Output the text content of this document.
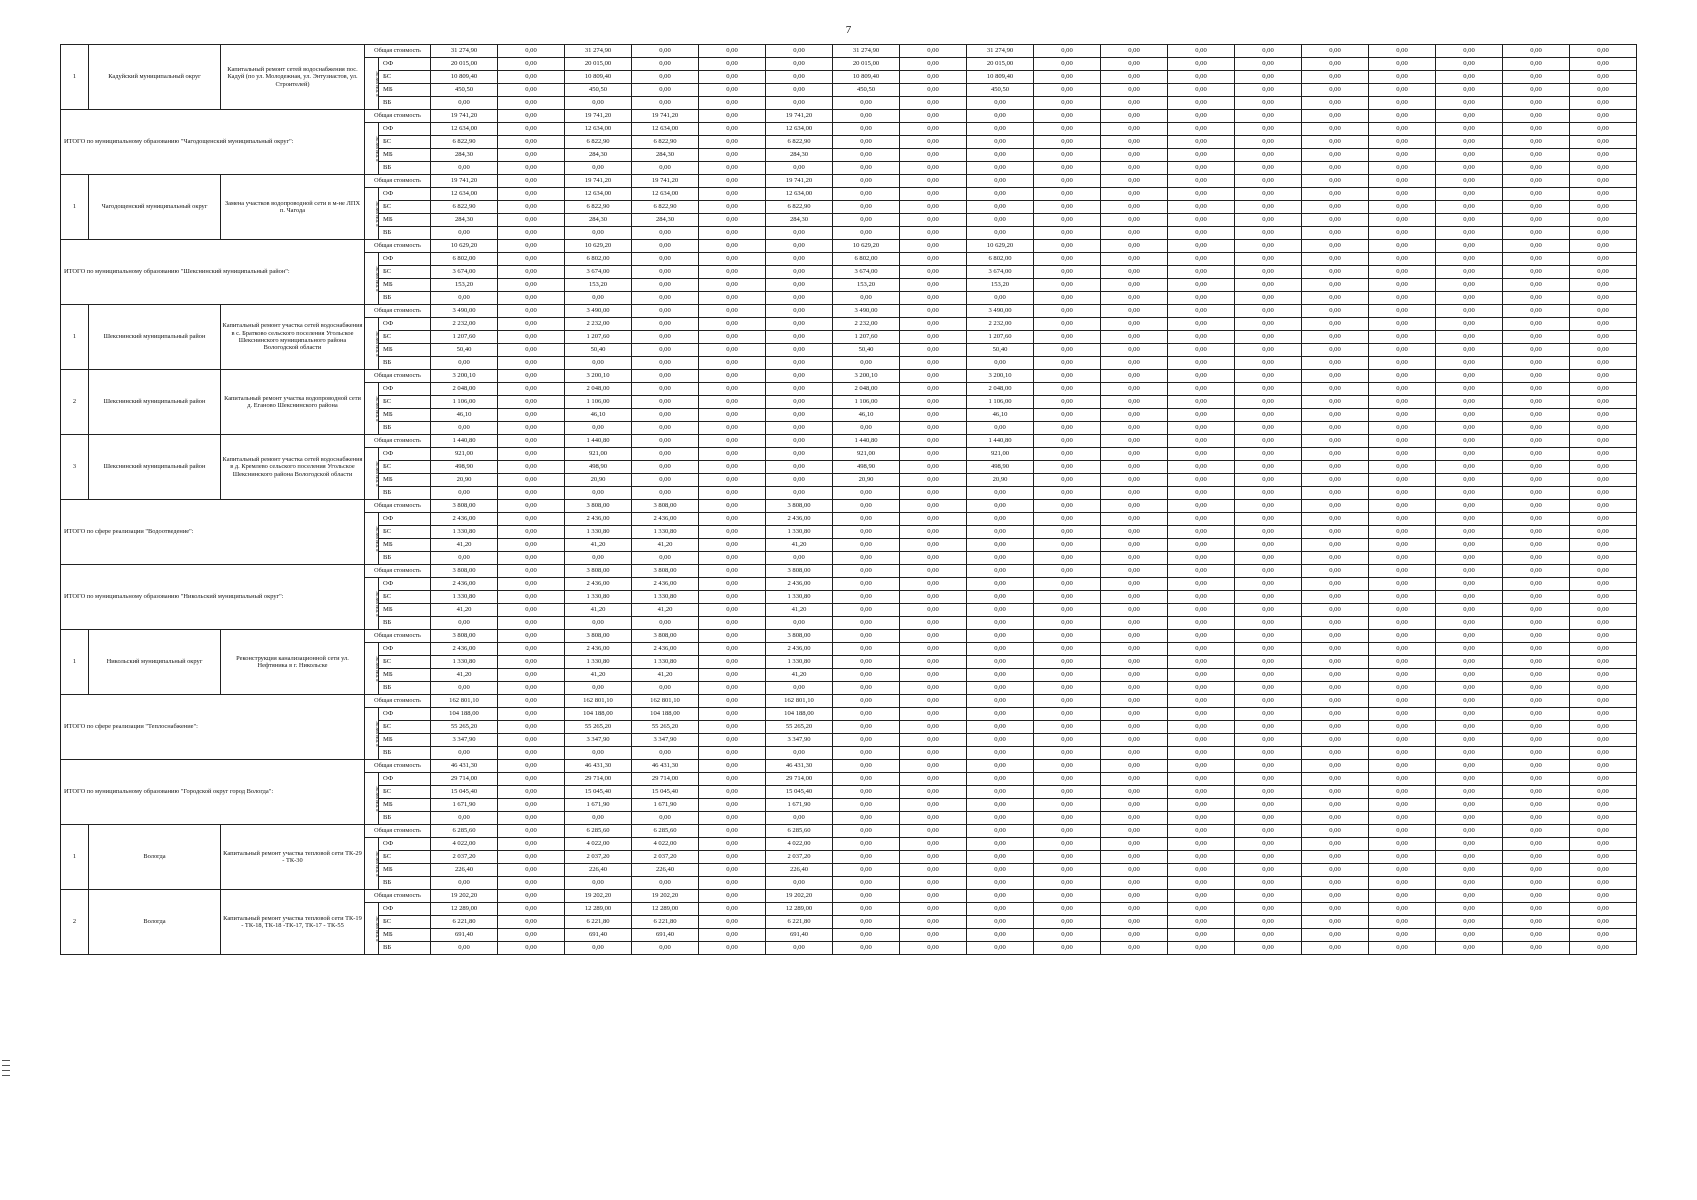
7
1	Кадуйский муниципальный округ	Капитальный ремонт сетей водоснабжения пос. Кадуй (по ул. Молодежная, ул. Энтузиастов, ул. Строителей)	Общая стоимость		31 274,90	0,00	31 274,90	0,00	0,00	0,00	31 274,90	0,00	31 274,90	0,00	0,00	0,00	0,00	0,00	0,00	0,00	0,00	0,00
			в том числе:	ОФ	20 015,00	0,00	20 015,00	0,00	0,00	0,00	20 015,00	0,00	20 015,00	0,00	0,00	0,00	0,00	0,00	0,00	0,00	0,00	0,00
				БС	10 809,40	0,00	10 809,40	0,00	0,00	0,00	10 809,40	0,00	10 809,40	0,00	0,00	0,00	0,00	0,00	0,00	0,00	0,00	0,00
				МБ	450,50	0,00	450,50	0,00	0,00	0,00	450,50	0,00	450,50	0,00	0,00	0,00	0,00	0,00	0,00	0,00	0,00	0,00
				ВБ	0,00	0,00	0,00	0,00	0,00	0,00	0,00	0,00	0,00	0,00	0,00	0,00	0,00	0,00	0,00	0,00	0,00	0,00
ИТОГО по муниципальному образованию "Чагодощенский муниципальный округ":			Общая стоимость		19 741,20	0,00	19 741,20	19 741,20	0,00	19 741,20	0,00	0,00	0,00	0,00	0,00	0,00	0,00	0,00	0,00	0,00	0,00	0,00
			в том числе:	ОФ	12 634,00	0,00	12 634,00	12 634,00	0,00	12 634,00	0,00	0,00	0,00	0,00	0,00	0,00	0,00	0,00	0,00	0,00	0,00	0,00
				БС	6 822,90	0,00	6 822,90	6 822,90	0,00	6 822,90	0,00	0,00	0,00	0,00	0,00	0,00	0,00	0,00	0,00	0,00	0,00	0,00
				МБ	284,30	0,00	284,30	284,30	0,00	284,30	0,00	0,00	0,00	0,00	0,00	0,00	0,00	0,00	0,00	0,00	0,00	0,00
				ВБ	0,00	0,00	0,00	0,00	0,00	0,00	0,00	0,00	0,00	0,00	0,00	0,00	0,00	0,00	0,00	0,00	0,00	0,00
1	Чагодощенский муниципальный округ	Замена участков водопроводной сети в м-не ЛПХ п. Чагода	Общая стоимость		19 741,20	0,00	19 741,20	19 741,20	0,00	19 741,20	0,00	0,00	0,00	0,00	0,00	0,00	0,00	0,00	0,00	0,00	0,00	0,00
			в том числе:	ОФ	12 634,00	0,00	12 634,00	12 634,00	0,00	12 634,00	0,00	0,00	0,00	0,00	0,00	0,00	0,00	0,00	0,00	0,00	0,00	0,00
				БС	6 822,90	0,00	6 822,90	6 822,90	0,00	6 822,90	0,00	0,00	0,00	0,00	0,00	0,00	0,00	0,00	0,00	0,00	0,00	0,00
				МБ	284,30	0,00	284,30	284,30	0,00	284,30	0,00	0,00	0,00	0,00	0,00	0,00	0,00	0,00	0,00	0,00	0,00	0,00
				ВБ	0,00	0,00	0,00	0,00	0,00	0,00	0,00	0,00	0,00	0,00	0,00	0,00	0,00	0,00	0,00	0,00	0,00	0,00
ИТОГО по муниципальному образованию "Шекснинский муниципальный район":			Общая стоимость		10 629,20	0,00	10 629,20	0,00	0,00	0,00	10 629,20	0,00	10 629,20	0,00	0,00	0,00	0,00	0,00	0,00	0,00	0,00	0,00
			в том числе:	ОФ	6 802,00	0,00	6 802,00	0,00	0,00	0,00	6 802,00	0,00	6 802,00	0,00	0,00	0,00	0,00	0,00	0,00	0,00	0,00	0,00
				БС	3 674,00	0,00	3 674,00	0,00	0,00	0,00	3 674,00	0,00	3 674,00	0,00	0,00	0,00	0,00	0,00	0,00	0,00	0,00	0,00
				МБ	153,20	0,00	153,20	0,00	0,00	0,00	153,20	0,00	153,20	0,00	0,00	0,00	0,00	0,00	0,00	0,00	0,00	0,00
				ВБ	0,00	0,00	0,00	0,00	0,00	0,00	0,00	0,00	0,00	0,00	0,00	0,00	0,00	0,00	0,00	0,00	0,00	0,00
1	Шекснинский муниципальный район	Капитальный ремонт участка сетей водоснабжения в с. Братково сельского поселения Угольское Шекснинского муниципального района Вологодской области	Общая стоимость		3 490,00	0,00	3 490,00	0,00	0,00	0,00	3 490,00	0,00	3 490,00	0,00	0,00	0,00	0,00	0,00	0,00	0,00	0,00	0,00
			в том числе:	ОФ	2 232,00	0,00	2 232,00	0,00	0,00	0,00	2 232,00	0,00	2 232,00	0,00	0,00	0,00	0,00	0,00	0,00	0,00	0,00	0,00
				БС	1 207,60	0,00	1 207,60	0,00	0,00	0,00	1 207,60	0,00	1 207,60	0,00	0,00	0,00	0,00	0,00	0,00	0,00	0,00	0,00
				МБ	50,40	0,00	50,40	0,00	0,00	0,00	50,40	0,00	50,40	0,00	0,00	0,00	0,00	0,00	0,00	0,00	0,00	0,00
				ВБ	0,00	0,00	0,00	0,00	0,00	0,00	0,00	0,00	0,00	0,00	0,00	0,00	0,00	0,00	0,00	0,00	0,00	0,00
2	Шекснинский муниципальный район	Капитальный ремонт участка водопроводной сети д. Еганово Шекснинского района	Общая стоимость		3 200,10	0,00	3 200,10	0,00	0,00	0,00	3 200,10	0,00	3 200,10	0,00	0,00	0,00	0,00	0,00	0,00	0,00	0,00	0,00
			в том числе:	ОФ	2 048,00	0,00	2 048,00	0,00	0,00	0,00	2 048,00	0,00	2 048,00	0,00	0,00	0,00	0,00	0,00	0,00	0,00	0,00	0,00
				БС	1 106,00	0,00	1 106,00	0,00	0,00	0,00	1 106,00	0,00	1 106,00	0,00	0,00	0,00	0,00	0,00	0,00	0,00	0,00	0,00
				МБ	46,10	0,00	46,10	0,00	0,00	0,00	46,10	0,00	46,10	0,00	0,00	0,00	0,00	0,00	0,00	0,00	0,00	0,00
				ВБ	0,00	0,00	0,00	0,00	0,00	0,00	0,00	0,00	0,00	0,00	0,00	0,00	0,00	0,00	0,00	0,00	0,00	0,00
3	Шекснинский муниципальный район	Капитальный ремонт участка сетей водоснабжения в д. Кремлево сельского поселения Угольское Шекснинского района Вологодской области	Общая стоимость		1 440,80	0,00	1 440,80	0,00	0,00	0,00	1 440,80	0,00	1 440,80	0,00	0,00	0,00	0,00	0,00	0,00	0,00	0,00	0,00
			в том числе:	ОФ	921,00	0,00	921,00	0,00	0,00	0,00	921,00	0,00	921,00	0,00	0,00	0,00	0,00	0,00	0,00	0,00	0,00	0,00
				БС	498,90	0,00	498,90	0,00	0,00	0,00	498,90	0,00	498,90	0,00	0,00	0,00	0,00	0,00	0,00	0,00	0,00	0,00
				МБ	20,90	0,00	20,90	0,00	0,00	0,00	20,90	0,00	20,90	0,00	0,00	0,00	0,00	0,00	0,00	0,00	0,00	0,00
				ВБ	0,00	0,00	0,00	0,00	0,00	0,00	0,00	0,00	0,00	0,00	0,00	0,00	0,00	0,00	0,00	0,00	0,00	0,00
ИТОГО по сфере реализации "Водоотведение":			Общая стоимость		3 808,00	0,00	3 808,00	3 808,00	0,00	3 808,00	0,00	0,00	0,00	0,00	0,00	0,00	0,00	0,00	0,00	0,00	0,00	0,00
			в том числе:	ОФ	2 436,00	0,00	2 436,00	2 436,00	0,00	2 436,00	0,00	0,00	0,00	0,00	0,00	0,00	0,00	0,00	0,00	0,00	0,00	0,00
				БС	1 330,80	0,00	1 330,80	1 330,80	0,00	1 330,80	0,00	0,00	0,00	0,00	0,00	0,00	0,00	0,00	0,00	0,00	0,00	0,00
				МБ	41,20	0,00	41,20	41,20	0,00	41,20	0,00	0,00	0,00	0,00	0,00	0,00	0,00	0,00	0,00	0,00	0,00	0,00
				ВБ	0,00	0,00	0,00	0,00	0,00	0,00	0,00	0,00	0,00	0,00	0,00	0,00	0,00	0,00	0,00	0,00	0,00	0,00
ИТОГО по муниципальному образованию "Никольский муниципальный округ":			Общая стоимость		3 808,00	0,00	3 808,00	3 808,00	0,00	3 808,00	0,00	0,00	0,00	0,00	0,00	0,00	0,00	0,00	0,00	0,00	0,00	0,00
			в том числе:	ОФ	2 436,00	0,00	2 436,00	2 436,00	0,00	2 436,00	0,00	0,00	0,00	0,00	0,00	0,00	0,00	0,00	0,00	0,00	0,00	0,00
				БС	1 330,80	0,00	1 330,80	1 330,80	0,00	1 330,80	0,00	0,00	0,00	0,00	0,00	0,00	0,00	0,00	0,00	0,00	0,00	0,00
				МБ	41,20	0,00	41,20	41,20	0,00	41,20	0,00	0,00	0,00	0,00	0,00	0,00	0,00	0,00	0,00	0,00	0,00	0,00
				ВБ	0,00	0,00	0,00	0,00	0,00	0,00	0,00	0,00	0,00	0,00	0,00	0,00	0,00	0,00	0,00	0,00	0,00	0,00
1	Никольский муниципальный округ	Реконструкция канализационной сети ул. Нефтяника в г. Никольске	Общая стоимость		3 808,00	0,00	3 808,00	3 808,00	0,00	3 808,00	0,00	0,00	0,00	0,00	0,00	0,00	0,00	0,00	0,00	0,00	0,00	0,00
			в том числе:	ОФ	2 436,00	0,00	2 436,00	2 436,00	0,00	2 436,00	0,00	0,00	0,00	0,00	0,00	0,00	0,00	0,00	0,00	0,00	0,00	0,00
				БС	1 330,80	0,00	1 330,80	1 330,80	0,00	1 330,80	0,00	0,00	0,00	0,00	0,00	0,00	0,00	0,00	0,00	0,00	0,00	0,00
				МБ	41,20	0,00	41,20	41,20	0,00	41,20	0,00	0,00	0,00	0,00	0,00	0,00	0,00	0,00	0,00	0,00	0,00	0,00
				ВБ	0,00	0,00	0,00	0,00	0,00	0,00	0,00	0,00	0,00	0,00	0,00	0,00	0,00	0,00	0,00	0,00	0,00	0,00
ИТОГО по сфере реализации "Теплоснабжение":			Общая стоимость		162 801,10	0,00	162 801,10	162 801,10	0,00	162 801,10	0,00	0,00	0,00	0,00	0,00	0,00	0,00	0,00	0,00	0,00	0,00	0,00
			в том числе:	ОФ	104 188,00	0,00	104 188,00	104 188,00	0,00	104 188,00	0,00	0,00	0,00	0,00	0,00	0,00	0,00	0,00	0,00	0,00	0,00	0,00
				БС	55 265,20	0,00	55 265,20	55 265,20	0,00	55 265,20	0,00	0,00	0,00	0,00	0,00	0,00	0,00	0,00	0,00	0,00	0,00	0,00
				МБ	3 347,90	0,00	3 347,90	3 347,90	0,00	3 347,90	0,00	0,00	0,00	0,00	0,00	0,00	0,00	0,00	0,00	0,00	0,00	0,00
				ВБ	0,00	0,00	0,00	0,00	0,00	0,00	0,00	0,00	0,00	0,00	0,00	0,00	0,00	0,00	0,00	0,00	0,00	0,00
ИТОГО по муниципальному образованию "Городской округ город Вологда":			Общая стоимость		46 431,30	0,00	46 431,30	46 431,30	0,00	46 431,30	0,00	0,00	0,00	0,00	0,00	0,00	0,00	0,00	0,00	0,00	0,00	0,00
			в том числе:	ОФ	29 714,00	0,00	29 714,00	29 714,00	0,00	29 714,00	0,00	0,00	0,00	0,00	0,00	0,00	0,00	0,00	0,00	0,00	0,00	0,00
				БС	15 045,40	0,00	15 045,40	15 045,40	0,00	15 045,40	0,00	0,00	0,00	0,00	0,00	0,00	0,00	0,00	0,00	0,00	0,00	0,00
				МБ	1 671,90	0,00	1 671,90	1 671,90	0,00	1 671,90	0,00	0,00	0,00	0,00	0,00	0,00	0,00	0,00	0,00	0,00	0,00	0,00
				ВБ	0,00	0,00	0,00	0,00	0,00	0,00	0,00	0,00	0,00	0,00	0,00	0,00	0,00	0,00	0,00	0,00	0,00	0,00
1	Вологда	Капитальный ремонт участка тепловой сети ТК-29 - ТК-30	Общая стоимость		6 285,60	0,00	6 285,60	6 285,60	0,00	6 285,60	0,00	0,00	0,00	0,00	0,00	0,00	0,00	0,00	0,00	0,00	0,00	0,00
			в том числе:	ОФ	4 022,00	0,00	4 022,00	4 022,00	0,00	4 022,00	0,00	0,00	0,00	0,00	0,00	0,00	0,00	0,00	0,00	0,00	0,00	0,00
				БС	2 037,20	0,00	2 037,20	2 037,20	0,00	2 037,20	0,00	0,00	0,00	0,00	0,00	0,00	0,00	0,00	0,00	0,00	0,00	0,00
				МБ	226,40	0,00	226,40	226,40	0,00	226,40	0,00	0,00	0,00	0,00	0,00	0,00	0,00	0,00	0,00	0,00	0,00	0,00
				ВБ	0,00	0,00	0,00	0,00	0,00	0,00	0,00	0,00	0,00	0,00	0,00	0,00	0,00	0,00	0,00	0,00	0,00	0,00
2	Вологда	Капитальный ремонт участка тепловой сети ТК-19 - ТК-18, ТК-18 -ТК-17, ТК-17 - ТК-55	Общая стоимость		19 202,20	0,00	19 202,20	19 202,20	0,00	19 202,20	0,00	0,00	0,00	0,00	0,00	0,00	0,00	0,00	0,00	0,00	0,00	0,00
			в том числе:	ОФ	12 289,00	0,00	12 289,00	12 289,00	0,00	12 289,00	0,00	0,00	0,00	0,00	0,00	0,00	0,00	0,00	0,00	0,00	0,00	0,00
				БС	6 221,80	0,00	6 221,80	6 221,80	0,00	6 221,80	0,00	0,00	0,00	0,00	0,00	0,00	0,00	0,00	0,00	0,00	0,00	0,00
				МБ	691,40	0,00	691,40	691,40	0,00	691,40	0,00	0,00	0,00	0,00	0,00	0,00	0,00	0,00	0,00	0,00	0,00	0,00
				ВБ	0,00	0,00	0,00	0,00	0,00	0,00	0,00	0,00	0,00	0,00	0,00	0,00	0,00	0,00	0,00	0,00	0,00	0,00
